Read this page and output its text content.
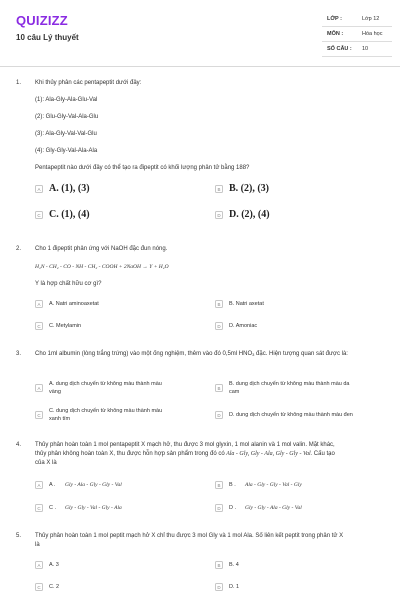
QUIZIZZ
10 câu Lý thuyết
LỚP :	Lớp 12
MÔN :	Hóa học
SỐ CÂU : 10
1. Khi thủy phân các pentapeptit dưới đây:
(1): Ala-Gly-Ala-Glu-Val
(2): Glu-Gly-Val-Ala-Glu
(3): Ala-Gly-Val-Val-Glu
(4): Gly-Gly-Val-Ala-Ala
Pentapeptit nào dưới đây có thể tạo ra đipeptit có khối lượng phân tử bằng 188?
A A. (1), (3)	B B. (2), (3)
C C. (1), (4)	D D. (2), (4)
2. Cho 1 đipeptit phản ứng với NaOH đặc đun nóng.
H₂N - CH₂ - CO - NH - CH₂ - COOH + 2NaOH → Y + H₂O
Y là hợp chất hữu cơ gì?
A	A. Natri aminoaxetat	B	B. Natri axetat
C	C. Metylamin	D	D. Amoniac
3. Cho 1ml albumin (lòng trắng trứng) vào một ống nghiệm, thêm vào đó 0,5ml $HNO_3$ đặc. Hiện tượng quan sát được là:
A
A. dung dịch chuyển từ không màu thành màu
vàng
B
B. dung dịch chuyển từ không màu thành màu da
cam
C
C. dung dịch chuyển từ không màu thành màu
xanh tím
D	D. dung dịch chuyển từ không màu thành màu đen
4. Thủy phân hoàn toàn 1 mol pentapeptit X mạch hở, thu được 3 mol glyxin, 1 mol alanin và 1 mol valin. Mặt khác,
thủy phân không hoàn toàn X, thu được hỗn hợp sản phẩm trong đó có Ala - Gly, Gly - Ala, Gly - Gly - Val. Cấu tạo
của X là
A	A .	Gly - Ala - Gly - Gly - Val	B	B .	Ala - Gly - Gly - Val - Gly
C	C .	Gly - Gly - Val - Gly - Ala	D	D .	Gly - Gly - Ala - Gly - Val
5. Thủy phân hoàn toàn 1 mol peptit mạch hở X chỉ thu được 3 mol Gly và 1 mol Ala. Số liên kết peptit trong phân tử X
là
A	A. 3	B	B. 4
C	C. 2	D	D. 1
